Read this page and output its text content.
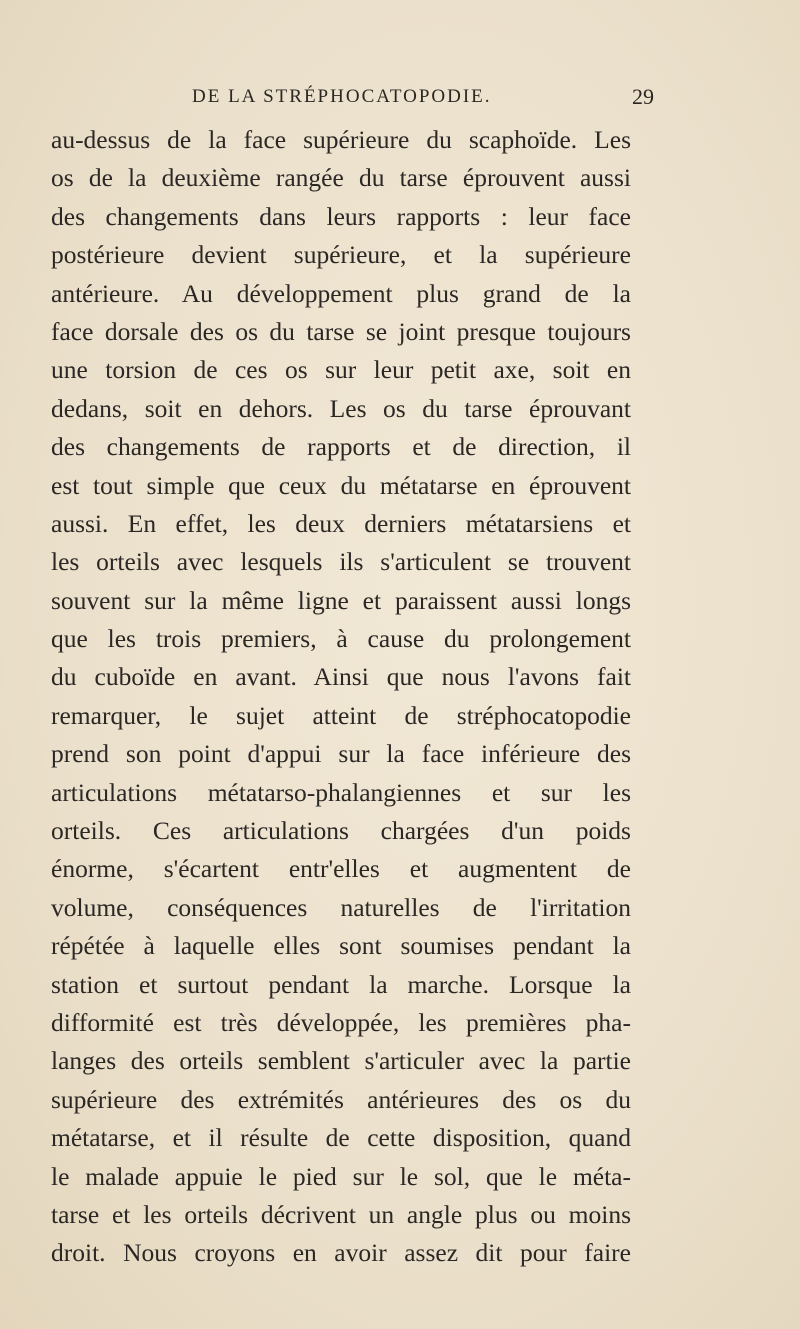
DE LA STRÉPHOCATOPODIE.	29
au-dessus de la face supérieure du scaphoïde. Les
os de la deuxième rangée du tarse éprouvent aussi
des changements dans leurs rapports : leur face
postérieure devient supérieure, et la supérieure
antérieure. Au développement plus grand de la
face dorsale des os du tarse se joint presque toujours
une torsion de ces os sur leur petit axe, soit en
dedans, soit en dehors. Les os du tarse éprouvant
des changements de rapports et de direction, il
est tout simple que ceux du métatarse en éprouvent
aussi. En effet, les deux derniers métatarsiens et
les orteils avec lesquels ils s'articulent se trouvent
souvent sur la même ligne et paraissent aussi longs
que les trois premiers, à cause du prolongement
du cuboïde en avant. Ainsi que nous l'avons fait
remarquer, le sujet atteint de stréphocatopodie
prend son point d'appui sur la face inférieure des
articulations métatarso-phalangiennes et sur les
orteils. Ces articulations chargées d'un poids
énorme, s'écartent entr'elles et augmentent de
volume, conséquences naturelles de l'irritation
répétée à laquelle elles sont soumises pendant la
station et surtout pendant la marche. Lorsque la
difformité est très développée, les premières pha-
langes des orteils semblent s'articuler avec la partie
supérieure des extrémités antérieures des os du
métatarse, et il résulte de cette disposition, quand
le malade appuie le pied sur le sol, que le méta-
tarse et les orteils décrivent un angle plus ou moins
droit. Nous croyons en avoir assez dit pour faire
